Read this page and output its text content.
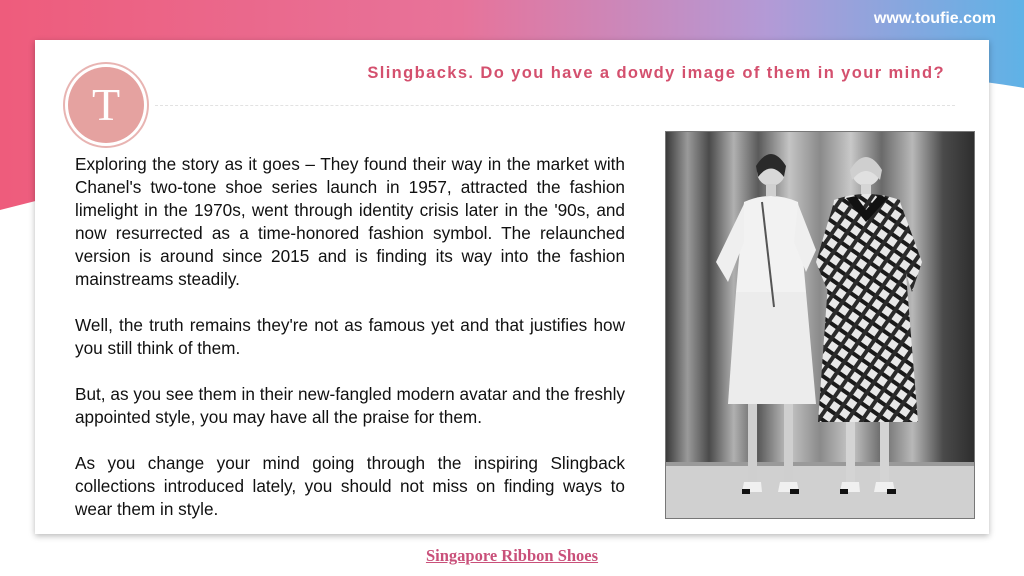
www.toufie.com
T
Slingbacks. Do you have a dowdy image of them in your mind?

Exploring the story as it goes – They found their way in the market with Chanel's two-tone shoe series launch in 1957, attracted the fashion limelight in the 1970s, went through identity crisis later in the '90s, and now resurrected as a time-honored fashion symbol. The relaunched version is around since 2015 and is finding its way into the fashion mainstreams steadily.

Well, the truth remains they're not as famous yet and that justifies how you still think of them.

But, as you see them in their new-fangled modern avatar and the freshly appointed style, you may have all the praise for them.

As you change your mind going through the inspiring Slingback collections introduced lately, you should not miss on finding ways to wear them in style.

Singapore Ribbon Shoes
